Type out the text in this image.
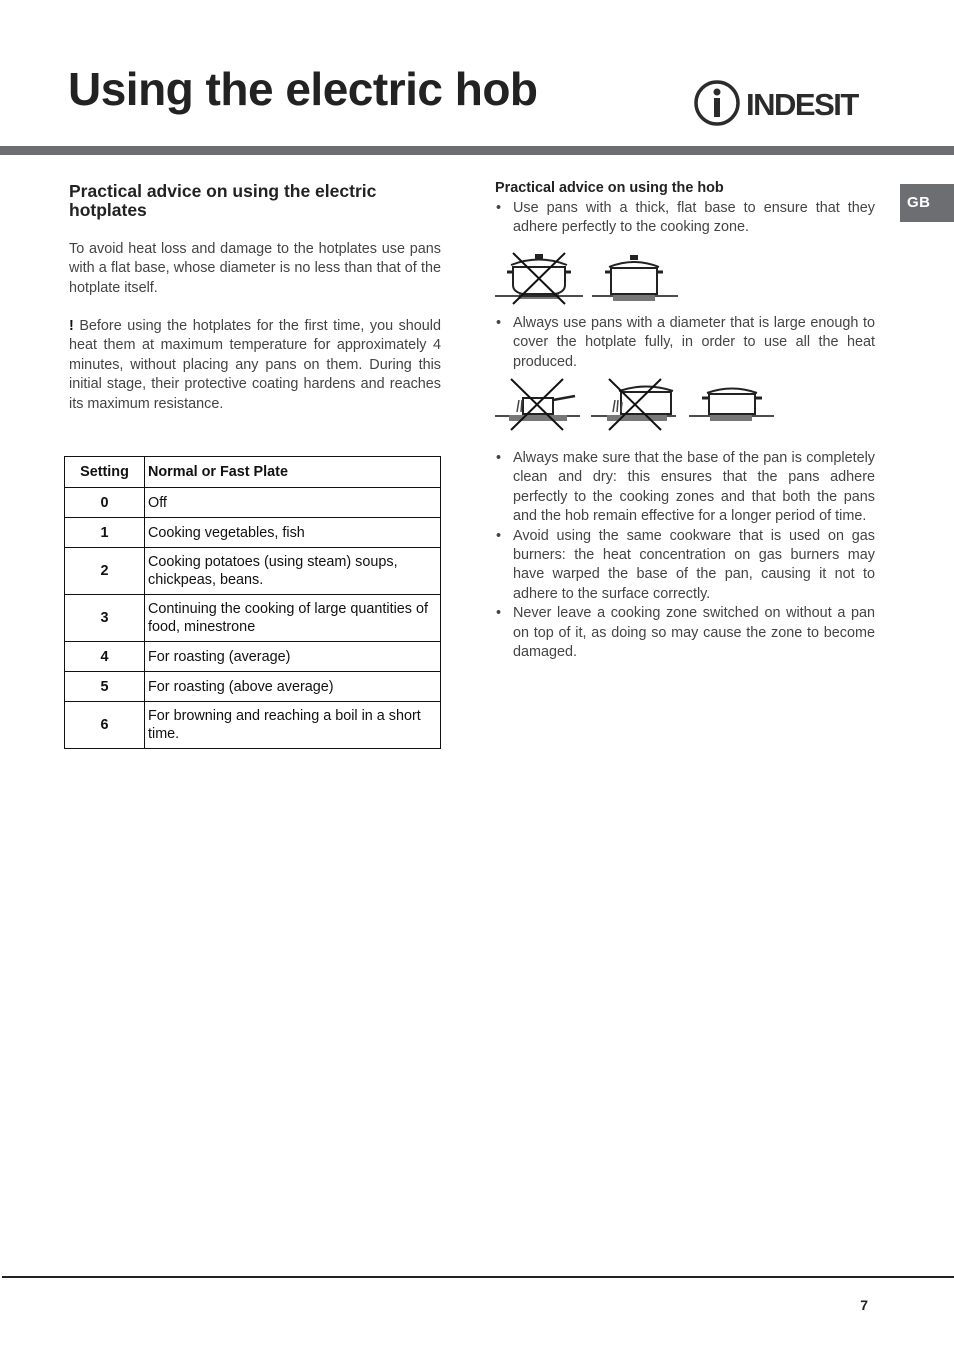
Using the electric hob	INDESIT
GB
Practical advice on using the electric hotplates

To avoid heat loss and damage to the hotplates use pans with a flat base, whose diameter is no less than that of the hotplate itself.

! Before using the hotplates for the first time, you should heat them at maximum temperature for approximately 4 minutes, without placing any pans on them. During this initial stage, their protective coating hardens and reaches its maximum resistance.

Setting	Normal or Fast Plate
0	Off
1	Cooking vegetables, fish
2	Cooking potatoes (using steam) soups, chickpeas, beans.
3	Continuing the cooking of large quantities of food, minestrone
4	For roasting (average)
5	For roasting (above average)
6	For browning and reaching a boil in a short time.
Practical advice on using the hob
• Use pans with a thick, flat base to ensure that they adhere perfectly to the cooking zone.
• Always use pans with a diameter that is large enough to cover the hotplate fully, in order to use all the heat produced.
• Always make sure that the base of the pan is completely clean and dry: this ensures that the pans adhere perfectly to the cooking zones and that both the pans and the hob remain effective for a longer period of time.
• Avoid using the same cookware that is used on gas burners: the heat concentration on gas burners may have warped the base of the pan, causing it not to adhere to the surface correctly.
• Never leave a cooking zone switched on without a pan on top of it, as doing so may cause the zone to become damaged.
7
